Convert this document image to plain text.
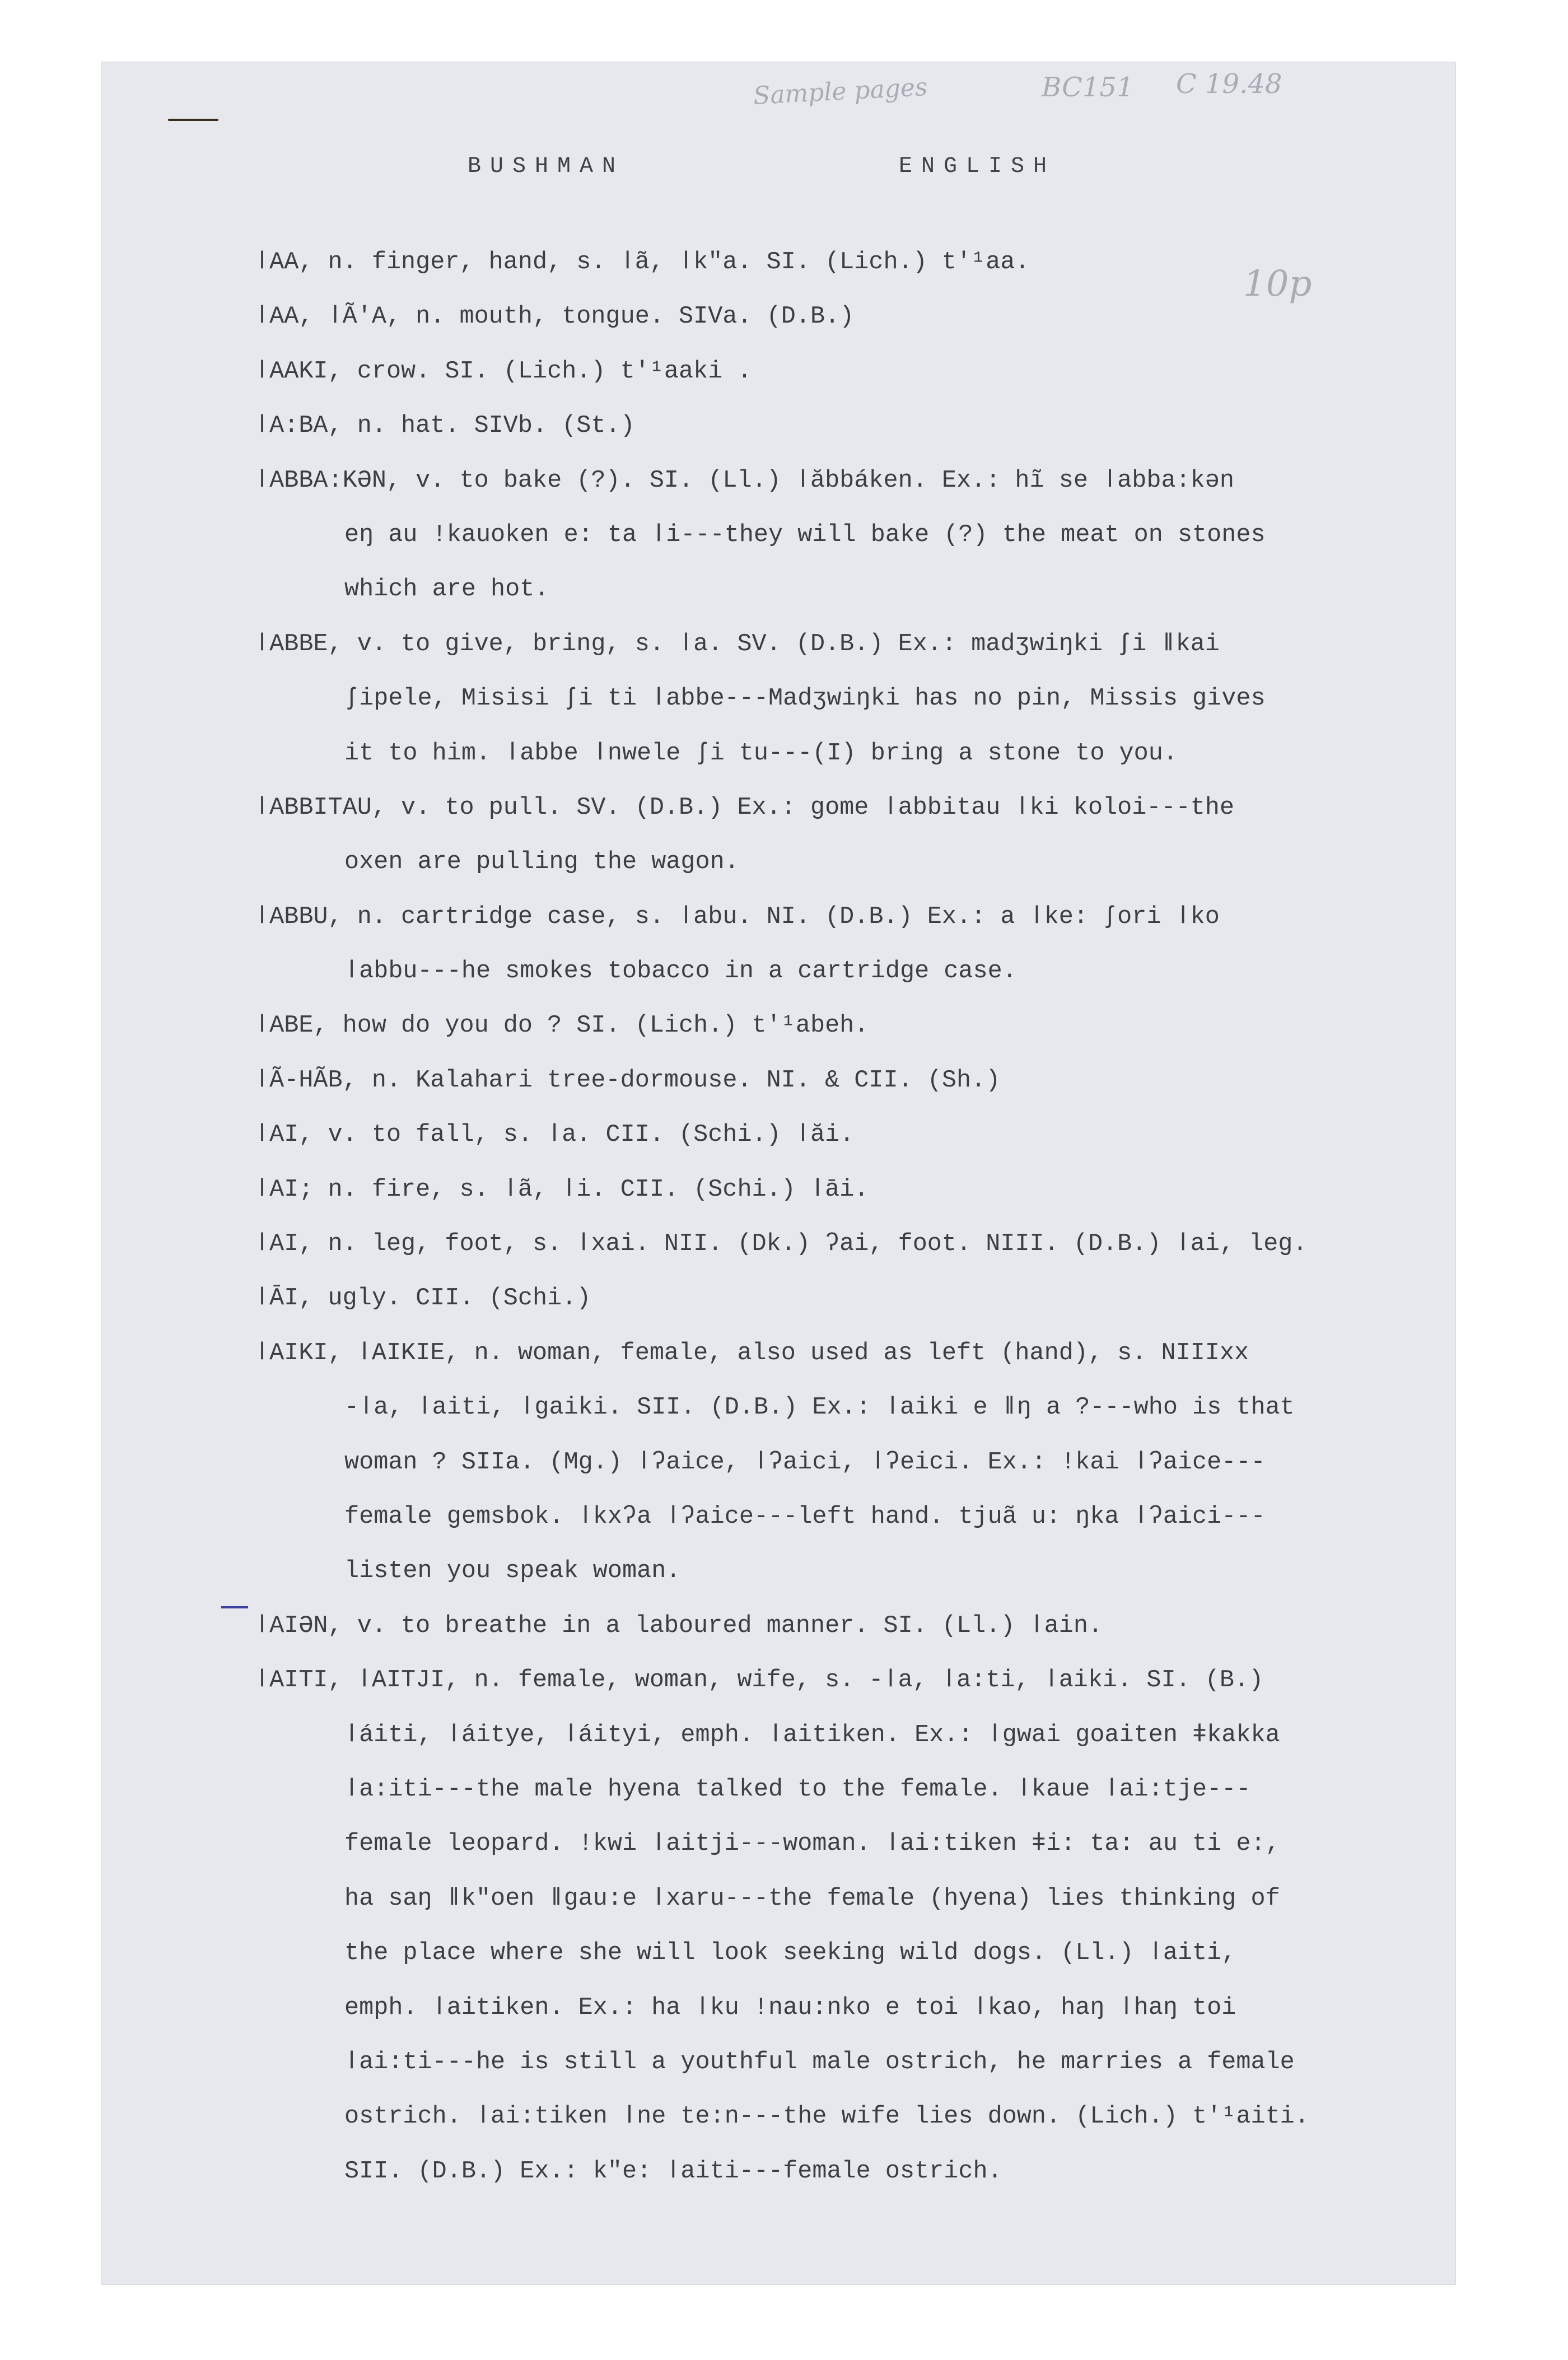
Sample pages	BC151 C 19.48
10p
BUSHMAN	ENGLISH
ǀAA, n. finger, hand, s. ǀã, ǀk"a. SI. (Lich.) t'¹aa.
ǀAA, ǀÃ'A, n. mouth, tongue. SIVa. (D.B.)
ǀAAKI, crow. SI. (Lich.) t'¹aaki .
ǀA:BA, n. hat. SIVb. (St.)
ǀABBA:KƏN, v. to bake (?). SI. (Ll.) ǀăbbáken. Ex.: hĩ se ǀabba:kən
eŋ au ǃkauoken e: ta ǀi---they will bake (?) the meat on stones
which are hot.
ǀABBE, v. to give, bring, s. ǀa. SV. (D.B.) Ex.: madʒwiŋki ʃi ǁkai
ʃipele, Misisi ʃi ti ǀabbe---Madʒwiŋki has no pin, Missis gives
it to him. ǀabbe ǀnwele ʃi tu---(I) bring a stone to you.
ǀABBITAU, v. to pull. SV. (D.B.) Ex.: gome ǀabbitau ǀki koloi---the
oxen are pulling the wagon.
ǀABBU, n. cartridge case, s. ǀabu. NI. (D.B.) Ex.: a ǀke: ʃori ǀko
ǀabbu---he smokes tobacco in a cartridge case.
ǀABE, how do you do ? SI. (Lich.) t'¹abeh.
ǀÃ-HÃB, n. Kalahari tree-dormouse. NI. & CII. (Sh.)
ǀAI, v. to fall, s. ǀa. CII. (Schi.) ǀăi.
ǀAI; n. fire, s. ǀã, ǀi. CII. (Schi.) ǀāi.
ǀAI, n. leg, foot, s. ǀxai. NII. (Dk.) ʔai, foot. NIII. (D.B.) ǀai, leg.
ǀĀI, ugly. CII. (Schi.)
ǀAIKI, ǀAIKIE, n. woman, female, also used as left (hand), s. NIIIxx
-ǀa, ǀaiti, ǀgaiki. SII. (D.B.) Ex.: ǀaiki e ǁŋ a ?---who is that
woman ? SIIa. (Mg.) ǀʔaice, ǀʔaici, ǀʔeici. Ex.: ǃkai ǀʔaice---
female gemsbok. ǀkxʔa ǀʔaice---left hand. tjuã u: ŋka ǀʔaici---
listen you speak woman.
ǀAIƏN, v. to breathe in a laboured manner. SI. (Ll.) ǀain.
ǀAITI, ǀAITJI, n. female, woman, wife, s. -ǀa, ǀa:ti, ǀaiki. SI. (B.)
ǀáiti, ǀáitye, ǀáityi, emph. ǀaitiken. Ex.: ǀgwai goaiten ǂkakka
ǀa:iti---the male hyena talked to the female. ǀkaue ǀai:tje---
female leopard. ǃkwi ǀaitji---woman. ǀai:tiken ǂi: ta: au ti e:,
ha saŋ ǁk"oen ǁgau:e ǀxaru---the female (hyena) lies thinking of
the place where she will look seeking wild dogs. (Ll.) ǀaiti,
emph. ǀaitiken. Ex.: ha ǀku ǃnau:nko e toi ǀkao, haŋ ǀhaŋ toi
ǀai:ti---he is still a youthful male ostrich, he marries a female
ostrich. ǀai:tiken ǀne te:n---the wife lies down. (Lich.) t'¹aiti.
SII. (D.B.) Ex.: k"e: ǀaiti---female ostrich.
